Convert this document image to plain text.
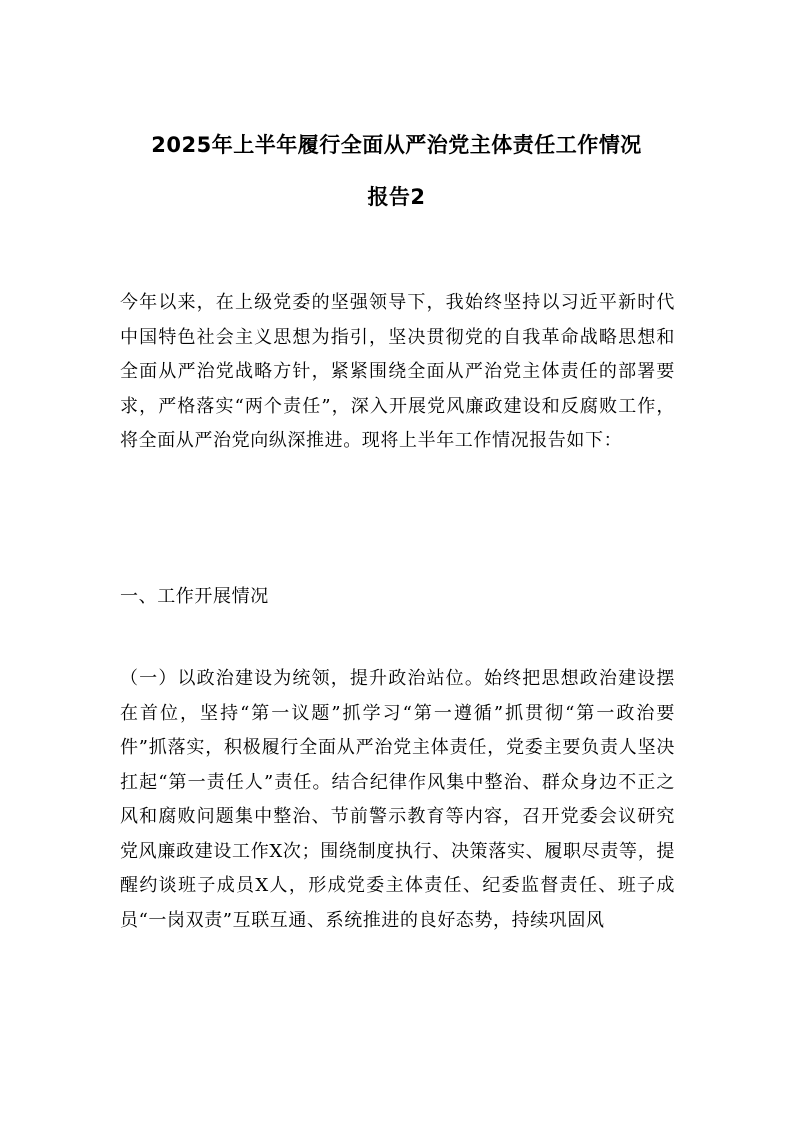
2025年上半年履行全面从严治党主体责任工作情况
报告2

今年以来，在上级党委的坚强领导下，我始终坚持以习近平新时代中国特色社会主义思想为指引，坚决贯彻党的自我革命战略思想和全面从严治党战略方针，紧紧围绕全面从严治党主体责任的部署要求，严格落实“两个责任”，深入开展党风廉政建设和反腐败工作，将全面从严治党向纵深推进。现将上半年工作情况报告如下：

一、工作开展情况

（一）以政治建设为统领，提升政治站位。始终把思想政治建设摆在首位，坚持“第一议题”抓学习“第一遵循”抓贯彻“第一政治要件”抓落实，积极履行全面从严治党主体责任，党委主要负责人坚决扛起“第一责任人”责任。结合纪律作风集中整治、群众身边不正之风和腐败问题集中整治、节前警示教育等内容，召开党委会议研究党风廉政建设工作X次；围绕制度执行、决策落实、履职尽责等，提醒约谈班子成员X人，形成党委主体责任、纪委监督责任、班子成员“一岗双责”互联互通、系统推进的良好态势，持续巩固风
